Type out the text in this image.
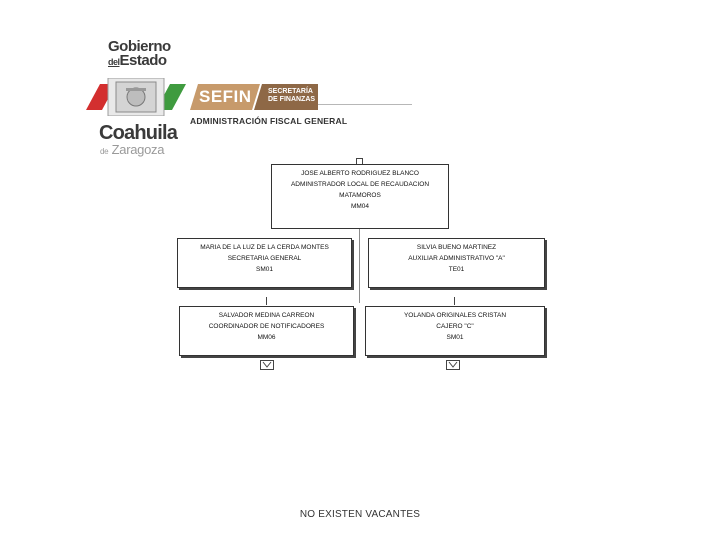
Gobierno
delEstado
Coahuila
de Zaragoza
SEFIN SECRETARÍA
DE FINANZAS
ADMINISTRACIÓN FISCAL GENERAL
JOSE ALBERTO RODRIGUEZ BLANCO
ADMINISTRADOR LOCAL DE RECAUDACION
MATAMOROS
MM04
MARIA DE LA LUZ DE LA CERDA MONTES
SECRETARIA GENERAL
SM01
SILVIA BUENO MARTINEZ
AUXILIAR ADMINISTRATIVO "A"
TE01
SALVADOR MEDINA CARREON
COORDINADOR DE NOTIFICADORES
MM06
YOLANDA ORIGINALES CRISTAN
CAJERO "C"
SM01
NO EXISTEN VACANTES
